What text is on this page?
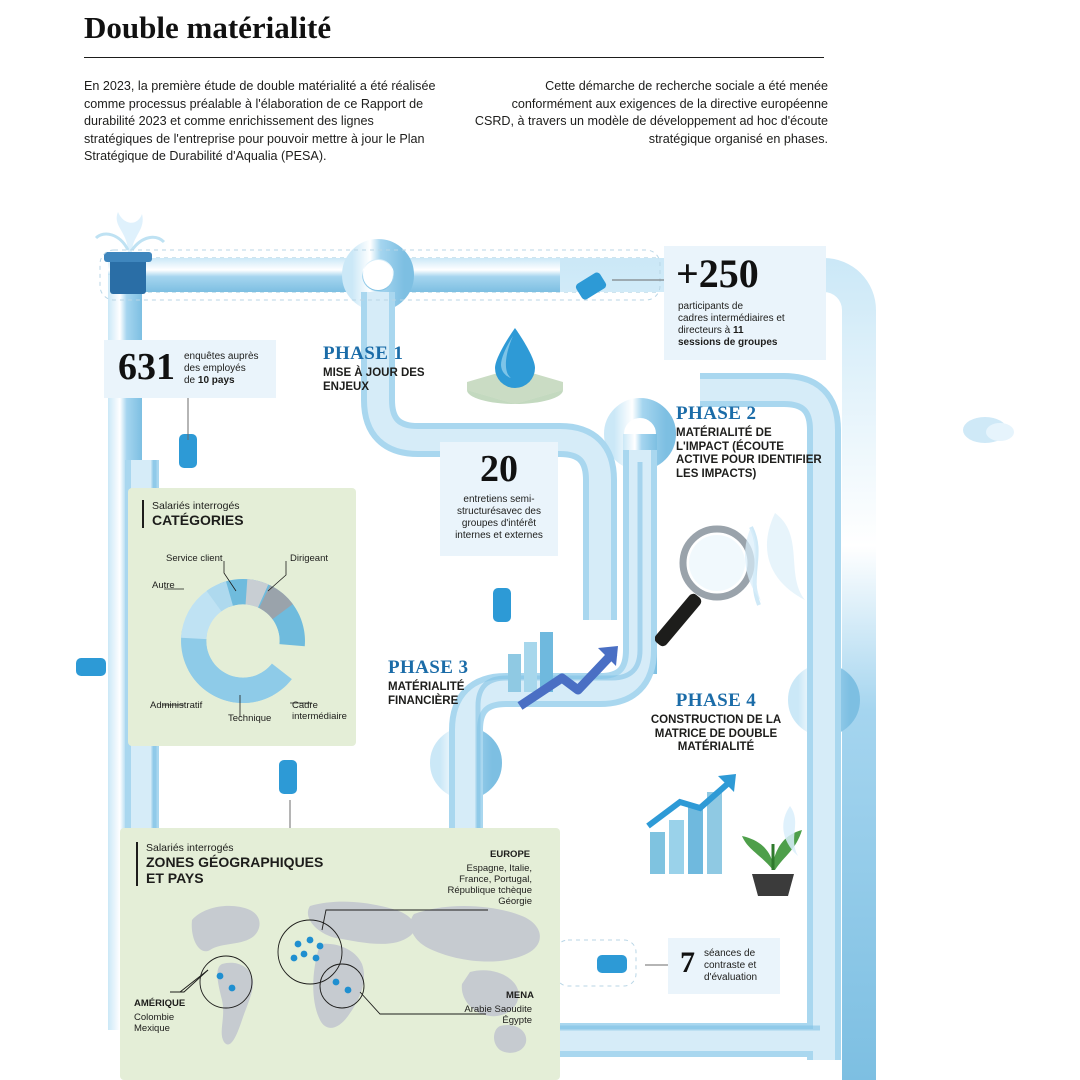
Double matérialité
En 2023, la première étude de double matérialité a été réalisée comme processus préalable à l'élaboration de ce Rapport de durabilité 2023 et comme enrichissement des lignes stratégiques de l'entreprise pour pouvoir mettre à jour le Plan Stratégique de Durabilité d'Aqualia (PESA).
Cette démarche de recherche sociale a été menée conformément aux exigences de la directive européenne CSRD, à travers un modèle de développement ad hoc d'écoute stratégique organisé en phases.
PHASE 1
MISE À JOUR DES ENJEUX
PHASE 2
MATÉRIALITÉ DE L'IMPACT (ÉCOUTE ACTIVE POUR IDENTIFIER LES IMPACTS)
PHASE 3
MATÉRIALITÉ FINANCIÈRE	PHASE 4
CONSTRUCTION DE LA MATRICE DE DOUBLE MATÉRIALITÉ
+250
participants de
cadres intermédiaires et
directeurs à 11
sessions de groupes
631 enquêtes auprès
des employés
de 10 pays
20
entretiens semi-
structurésavec des
groupes d'intérêt
internes et externes
7 séances de
contraste et
d'évaluation
Salariés interrogés
CATÉGORIES
Service client	Dirigeant
Autre
Administratif
Technique
Cadre intermédiaire
Salariés interrogés
ZONES GÉOGRAPHIQUES
ET PAYS
EUROPE
Espagne, Italie,
France, Portugal,
République tchèque
Géorgie
MENA
Arabie Saoudite
Égypte
AMÉRIQUE
Colombie
Mexique
